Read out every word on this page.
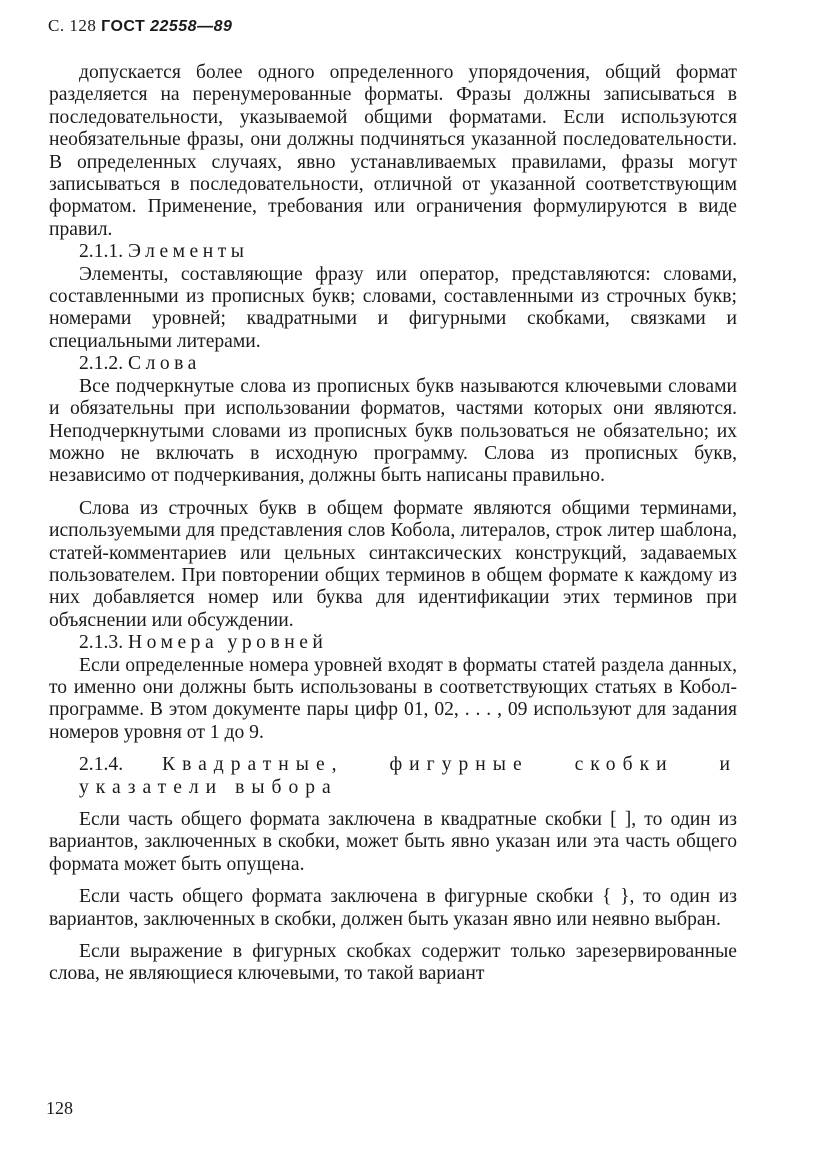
С. 128 ГОСТ 22558—89

допускается более одного определенного упорядочения, общий формат разделяется на перенумерованные форматы. Фразы должны записываться в последовательности, указываемой общими форматами. Если используются необязательные фразы, они должны подчиняться указанной последовательности. В определенных случаях, явно устанавливаемых правилами, фразы могут записываться в последовательности, отличной от указанной соответствующим форматом. Применение, требования или ограничения формулируются в виде правил.

2.1.1. Элементы

Элементы, составляющие фразу или оператор, представляются: словами, составленными из прописных букв; словами, составленными из строчных букв; номерами уровней; квадратными и фигурными скобками, связками и специальными литерами.

2.1.2. Слова

Все подчеркнутые слова из прописных букв называются ключевыми словами и обязательны при использовании форматов, частями которых они являются. Неподчеркнутыми словами из прописных букв пользоваться не обязательно; их можно не включать в исходную программу. Слова из прописных букв, независимо от подчеркивания, должны быть написаны правильно.

Слова из строчных букв в общем формате являются общими терминами, используемыми для представления слов Кобола, литералов, строк литер шаблона, статей-комментариев или цельных синтаксических конструкций, задаваемых пользователем. При повторении общих терминов в общем формате к каждому из них добавляется номер или буква для идентификации этих терминов при объяснении или обсуждении.

2.1.3. Номера уровней

Если определенные номера уровней входят в форматы статей раздела данных, то именно они должны быть использованы в соответствующих статьях в Кобол-программе. В этом документе пары цифр 01, 02, . . . , 09 используют для задания номеров уровня от 1 до 9.

2.1.4. Квадратные, фигурные скобки и указатели выбора

Если часть общего формата заключена в квадратные скобки [ ], то один из вариантов, заключенных в скобки, может быть явно указан или эта часть общего формата может быть опущена.

Если часть общего формата заключена в фигурные скобки { }, то один из вариантов, заключенных в скобки, должен быть указан явно или неявно выбран.

Если выражение в фигурных скобках содержит только зарезервированные слова, не являющиеся ключевыми, то такой вариант

128
